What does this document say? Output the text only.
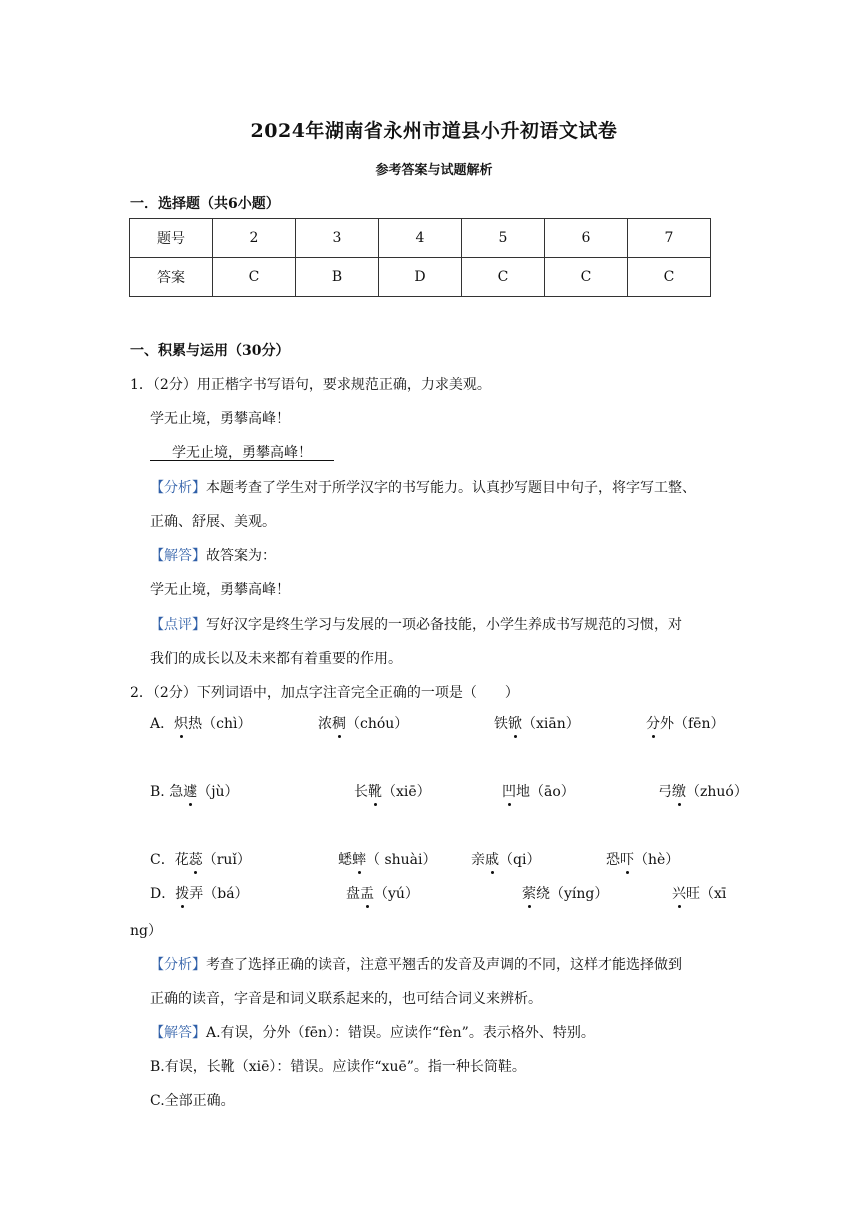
2024年湖南省永州市道县小升初语文试卷
参考答案与试题解析
一．选择题（共6小题）
题号	2	3	4	5	6	7
答案	C	B	D	C	C	C
一、积累与运用（30分）
1．（2分）用正楷字书写语句，要求规范正确，力求美观。
学无止境，勇攀高峰！
学无止境，勇攀高峰！
【分析】本题考查了学生对于所学汉字的书写能力。认真抄写题目中句子，将字写工整、
正确、舒展、美观。
【解答】故答案为：
学无止境，勇攀高峰！
【点评】写好汉字是终生学习与发展的一项必备技能，小学生养成书写规范的习惯，对
我们的成长以及未来都有着重要的作用。
2．（2分）下列词语中，加点字注音完全正确的一项是（　　）
A．炽热（chì）	浓稠（chóu）	铁锨（xiān）	分外（fēn）
B. 急遽（jù）	长靴（xiē）	凹地（āo）	弓缴（zhuó）
C．花蕊（ruǐ）	蟋蟀（ shuài） 亲戚（qi）	恐吓（hè）
D．拨弄（bá）	盘盂（yú）	萦绕（yíng）	兴旺（xī
ng）
【分析】考查了选择正确的读音，注意平翘舌的发音及声调的不同，这样才能选择做到
正确的读音，字音是和词义联系起来的，也可结合词义来辨析。
【解答】A.有误，分外（fēn）：错误。应读作“fèn”。表示格外、特别。
B.有误，长靴（xiē）：错误。应读作“xuē”。指一种长筒鞋。
C.全部正确。
